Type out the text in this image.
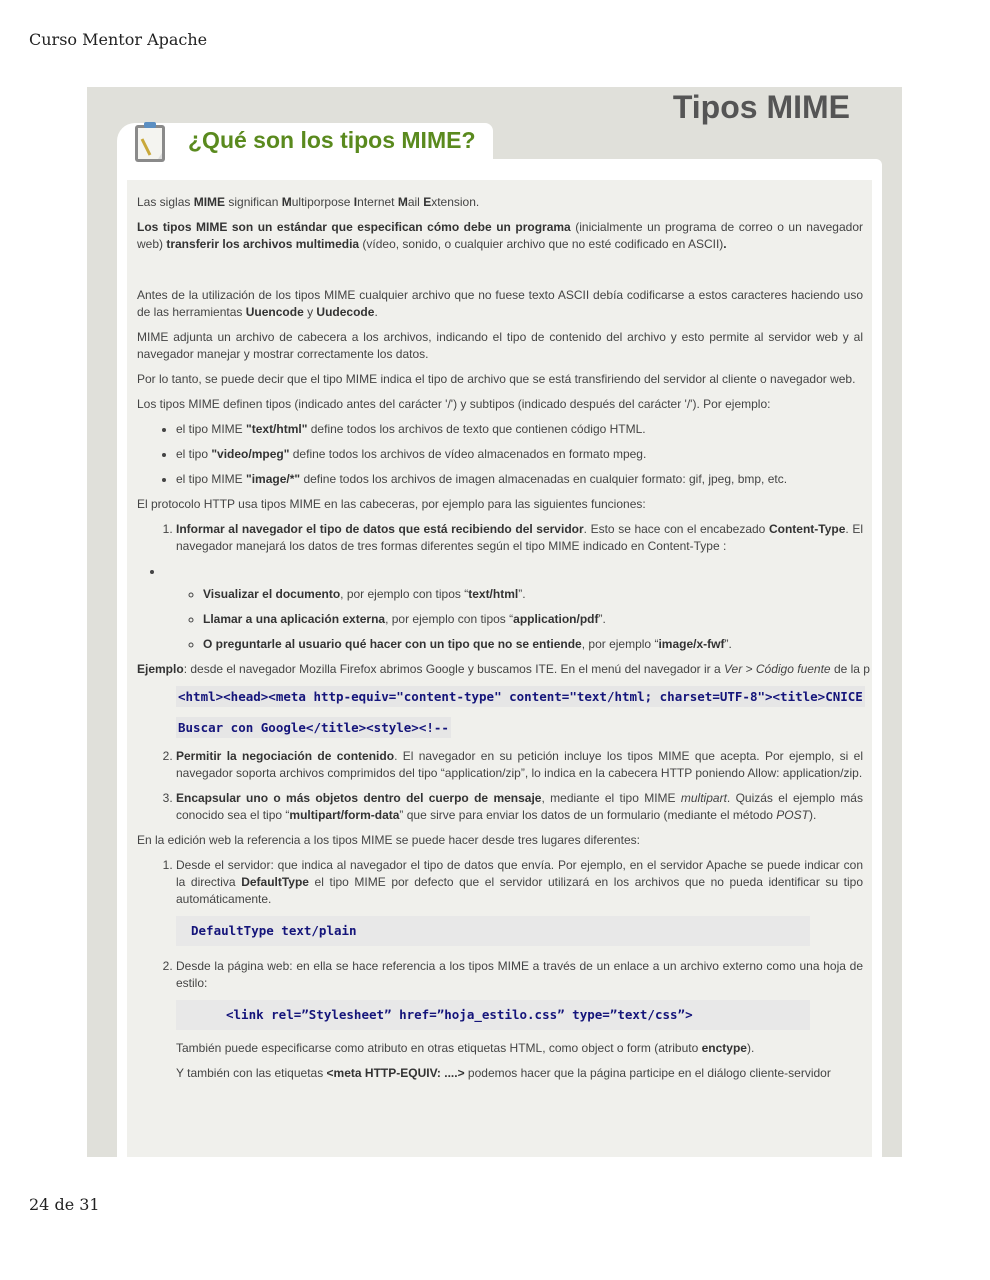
Curso Mentor Apache
Tipos MIME
¿Qué son los tipos MIME?

Las siglas MIME significan Multiporpose Internet Mail Extension.

Los tipos MIME son un estándar que especifican cómo debe un programa (inicialmente un programa de correo o un navegador web) transferir los archivos multimedia (vídeo, sonido, o cualquier archivo que no esté codificado en ASCII).

Antes de la utilización de los tipos MIME cualquier archivo que no fuese texto ASCII debía codificarse a estos caracteres haciendo uso de las herramientas Uuencode y Uudecode.

MIME adjunta un archivo de cabecera a los archivos, indicando el tipo de contenido del archivo y esto permite al servidor web y al navegador manejar y mostrar correctamente los datos.

Por lo tanto, se puede decir que el tipo MIME indica el tipo de archivo que se está transfiriendo del servidor al cliente o navegador web.

Los tipos MIME definen tipos (indicado antes del carácter '/') y subtipos (indicado después del carácter '/'). Por ejemplo:

• el tipo MIME "text/html" define todos los archivos de texto que contienen código HTML.
• el tipo "video/mpeg" define todos los archivos de vídeo almacenados en formato mpeg.
• el tipo MIME "image/*" define todos los archivos de imagen almacenadas en cualquier formato: gif, jpeg, bmp, etc.

El protocolo HTTP usa tipos MIME en las cabeceras, por ejemplo para las siguientes funciones:

1. Informar al navegador el tipo de datos que está recibiendo del servidor. Esto se hace con el encabezado Content-Type. El navegador manejará los datos de tres formas diferentes según el tipo MIME indicado en Content-Type :

◦ • Visualizar el documento, por ejemplo con tipos “text/html”.
◦ Llamar a una aplicación externa, por ejemplo con tipos “application/pdf”.
◦ O preguntarle al usuario qué hacer con un tipo que no se entiende, por ejemplo “image/x-fwf”.

Ejemplo: desde el navegador Mozilla Firefox abrimos Google y buscamos ITE. En el menú del navegador ir a Ver > Código fuente de la p

<html><head><meta http-equiv="content-type" content="text/html; charset=UTF-8"><title>CNICE
Buscar con Google</title><style><!--
2. Permitir la negociación de contenido. El navegador en su petición incluye los tipos MIME que acepta. Por ejemplo, si el navegador soporta archivos comprimidos del tipo “application/zip”, lo indica en la cabecera HTTP poniendo Allow: application/zip.
3. Encapsular uno o más objetos dentro del cuerpo de mensaje, mediante el tipo MIME multipart. Quizás el ejemplo más conocido sea el tipo “multipart/form-data” que sirve para enviar los datos de un formulario (mediante el método POST).

En la edición web la referencia a los tipos MIME se puede hacer desde tres lugares diferentes:

1. Desde el servidor: que indica al navegador el tipo de datos que envía. Por ejemplo, en el servidor Apache se puede indicar con la directiva DefaultType el tipo MIME por defecto que el servidor utilizará en los archivos que no pueda identificar su tipo automáticamente.

DefaultType text/plain

2. Desde la página web: en ella se hace referencia a los tipos MIME a través de un enlace a un archivo externo como una hoja de estilo:

<link rel=”Stylesheet” href=”hoja_estilo.css” type=”text/css”>

También puede especificarse como atributo en otras etiquetas HTML, como object o form (atributo enctype).

Y también con las etiquetas <meta HTTP-EQUIV: ....> podemos hacer que la página participe en el diálogo cliente-servidor

24 de 31
